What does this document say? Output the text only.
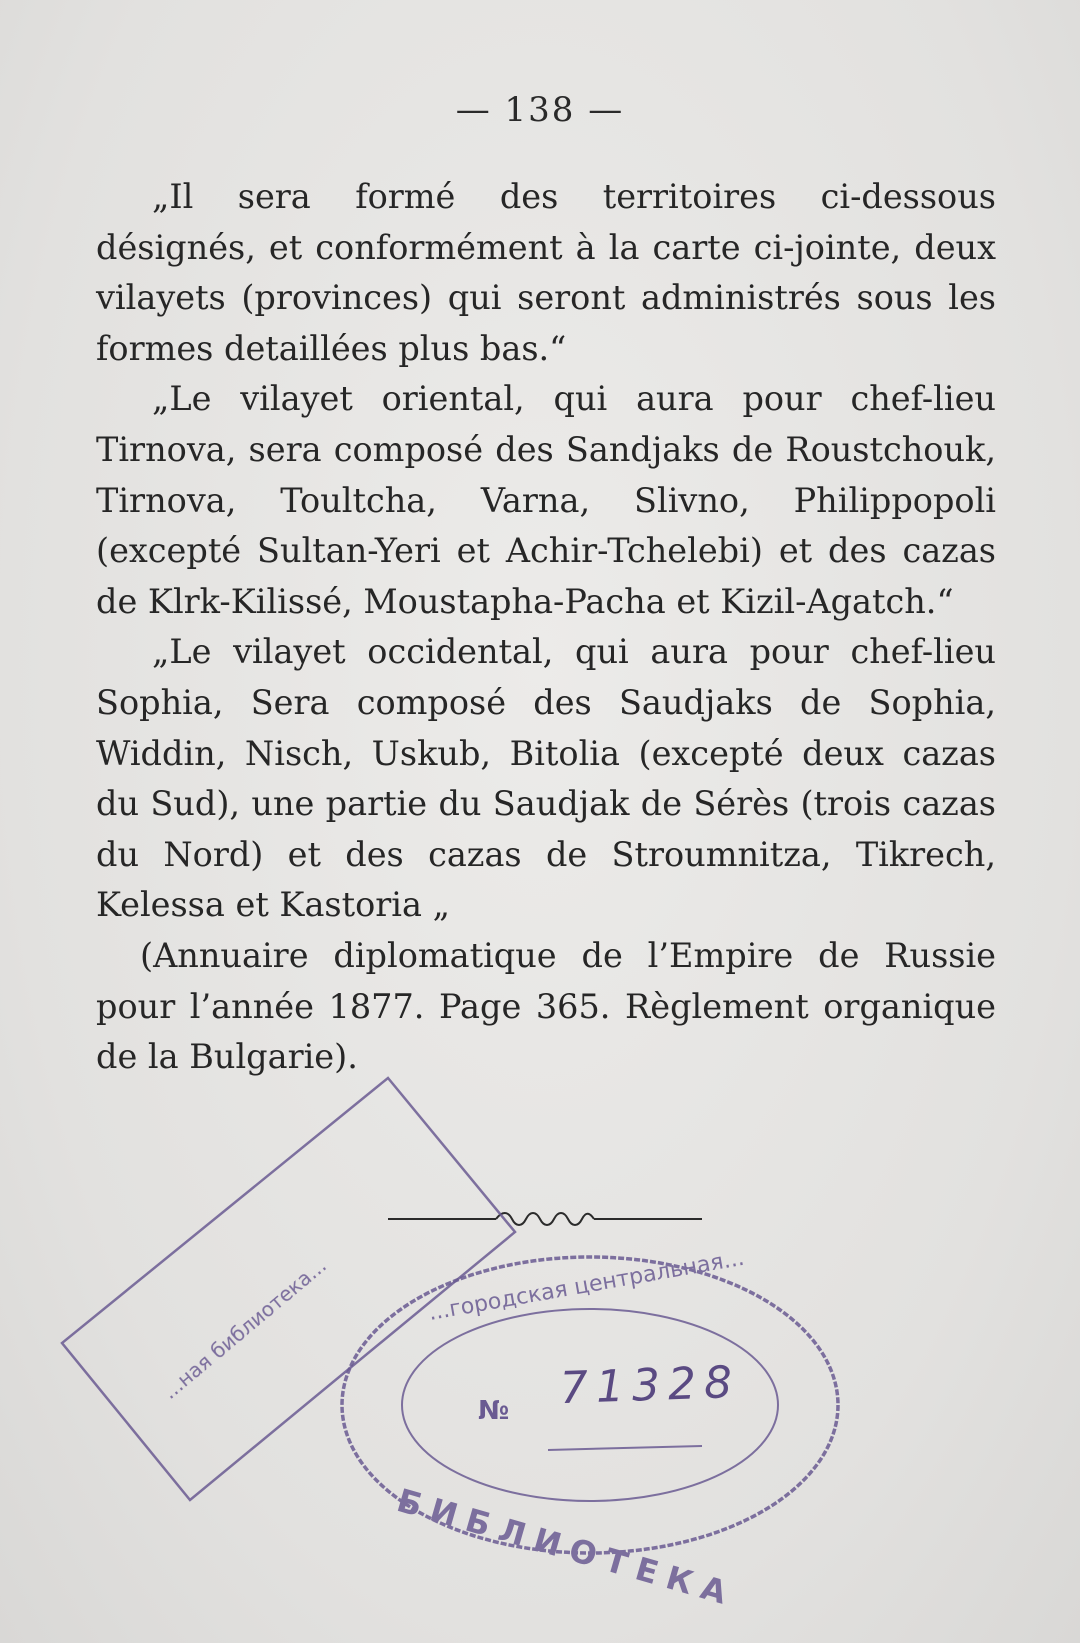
— 138 —

„Il sera formé des territoires ci-dessous désignés, et conformément à la carte ci-jointe, deux vilayets (provinces) qui seront administrés sous les formes detaillées plus bas.“

„Le vilayet oriental, qui aura pour chef-lieu Tirnova, sera composé des Sandjaks de Roustchouk, Tirnova, Toultcha, Varna, Slivno, Philippopoli (excepté Sultan-Yeri et Achir-Tchelebi) et des cazas de Klrk-Kilissé, Moustapha-Pacha et Kizil-Agatch.“

„Le vilayet occidental, qui aura pour chef-lieu Sophia, Sera composé des Saudjaks de Sophia, Widdin, Nisch, Uskub, Bitolia (excepté deux cazas du Sud), une partie du Saudjak de Sérès (trois cazas du Nord) et des cazas de Stroumnitza, Tikrech, Kelessa et Kastoria „

(Annuaire diplomatique de l’Empire de Russie pour l’année 1877. Page 365. Règlement organique de la Bulgarie).

...городская центральная...
БИБЛИОТЕКА
...ная библиотека...
№ 71328
